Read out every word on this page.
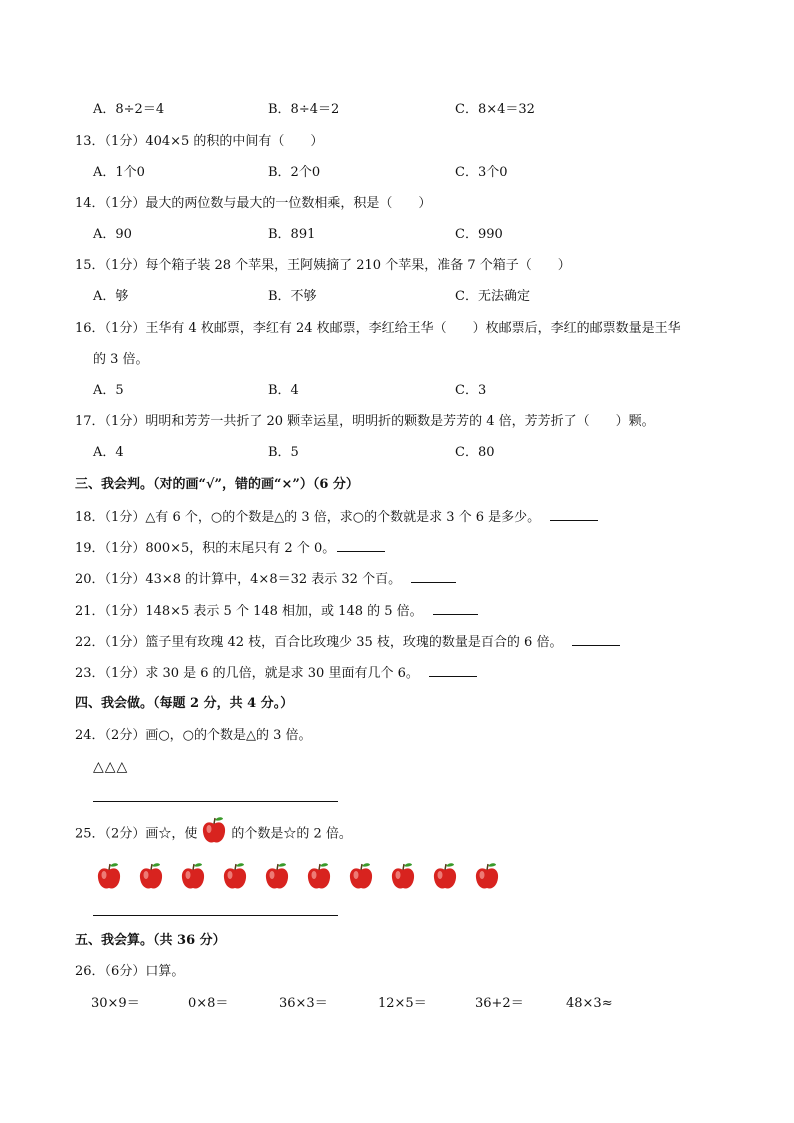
A．8÷2＝4	B．8÷4＝2	C．8×4＝32
13．（1分）404×5 的积的中间有（　　）
A．1个0	B．2个0	C．3个0
14．（1分）最大的两位数与最大的一位数相乘，积是（　　）
A．90	B．891	C．990
15．（1分）每个箱子装 28 个苹果，王阿姨摘了 210 个苹果，准备 7 个箱子（　　）
A．够	B．不够	C．无法确定
16．（1分）王华有 4 枚邮票，李红有 24 枚邮票，李红给王华（　　）枚邮票后，李红的邮票数量是王华
的 3 倍。
A．5	B．4	C．3
17．（1分）明明和芳芳一共折了 20 颗幸运星，明明折的颗数是芳芳的 4 倍，芳芳折了（　　）颗。
A．4	B．5	C．80
三、我会判。（对的画“√”，错的画“×”）（6 分）
18．（1分）△有 6 个，○的个数是△的 3 倍，求○的个数就是求 3 个 6 是多少。
19．（1分）800×5，积的末尾只有 2 个 0。
20．（1分）43×8 的计算中，4×8＝32 表示 32 个百。
21．（1分）148×5 表示 5 个 148 相加，或 148 的 5 倍。
22．（1分）篮子里有玫瑰 42 枝，百合比玫瑰少 35 枝，玫瑰的数量是百合的 6 倍。
23．（1分）求 30 是 6 的几倍，就是求 30 里面有几个 6。
四、我会做。（每题 2 分，共 4 分。）
24．（2分）画○，○的个数是△的 3 倍。
△△△
25．（2分）画☆，使	的个数是☆的 2 倍。
五、我会算。（共 36 分）
26．（6分）口算。
30×9＝	0×8＝	36×3＝	12×5＝	36+2＝	48×3≈
